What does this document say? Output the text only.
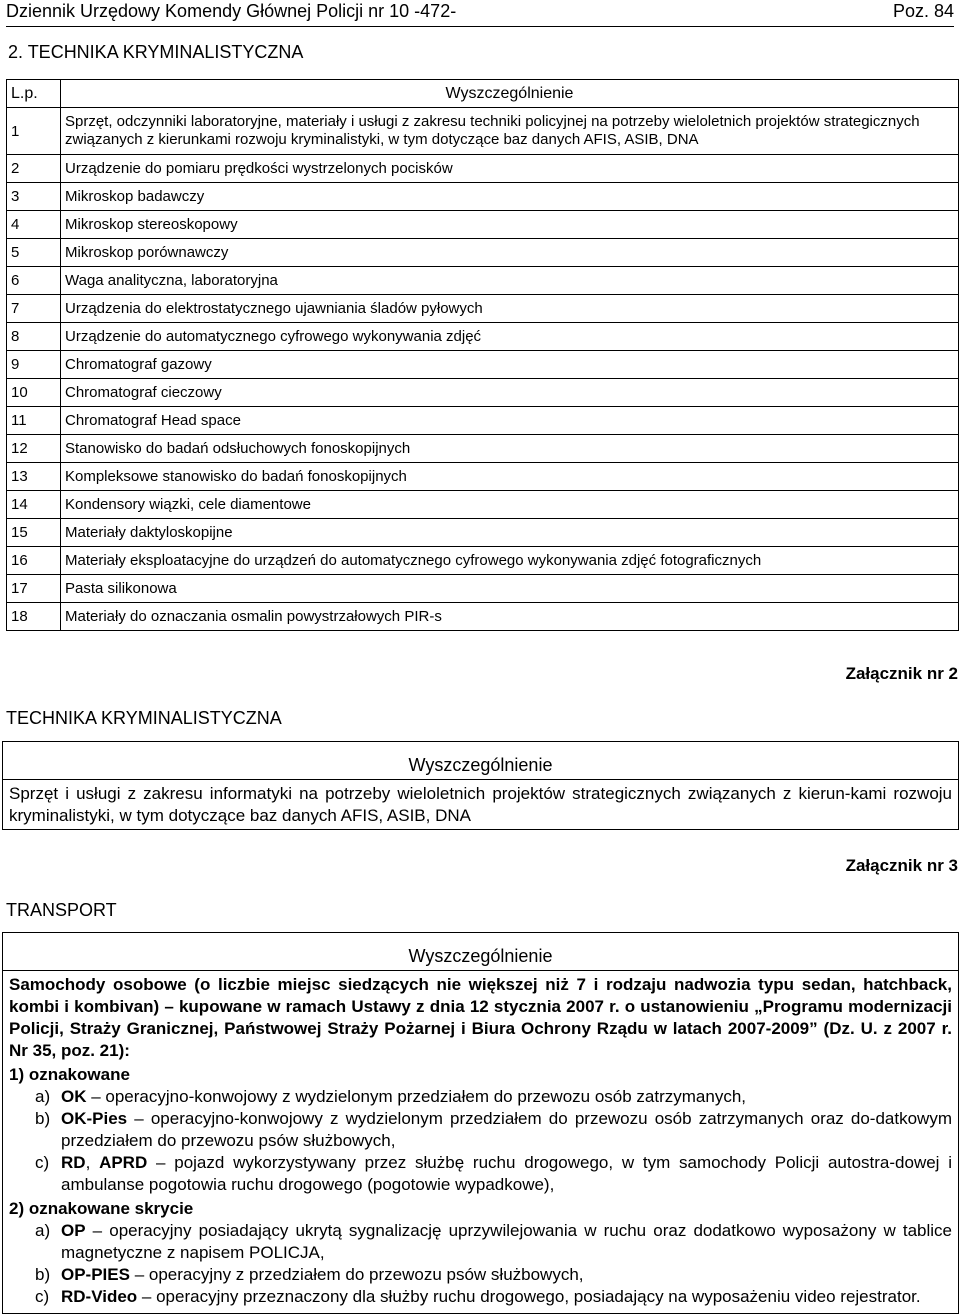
Dziennik Urzędowy Komendy Głównej Policji nr 10 -472-	Poz. 84
2. TECHNIKA KRYMINALISTYCZNA
L.p.	Wyszczególnienie
1	Sprzęt, odczynniki laboratoryjne, materiały i usługi z zakresu techniki policyjnej na potrzeby wieloletnich projektów strategicznych związanych z kierunkami rozwoju kryminalistyki, w tym dotyczące baz danych AFIS, ASIB, DNA
2	Urządzenie do pomiaru prędkości wystrzelonych pocisków
3	Mikroskop badawczy
4	Mikroskop stereoskopowy
5	Mikroskop porównawczy
6	Waga analityczna, laboratoryjna
7	Urządzenia do elektrostatycznego ujawniania śladów pyłowych
8	Urządzenie do automatycznego cyfrowego wykonywania zdjęć
9	Chromatograf gazowy
10	Chromatograf cieczowy
11	Chromatograf Head space
12	Stanowisko do badań odsłuchowych fonoskopijnych
13	Kompleksowe stanowisko do badań fonoskopijnych
14	Kondensory wiązki, cele diamentowe
15	Materiały daktyloskopijne
16	Materiały eksploatacyjne do urządzeń do automatycznego cyfrowego wykonywania zdjęć fotograficznych
17	Pasta silikonowa
18	Materiały do oznaczania osmalin powystrzałowych PIR-s
Załącznik nr 2
TECHNIKA KRYMINALISTYCZNA
Wyszczególnienie
Sprzęt i usługi z zakresu informatyki na potrzeby wieloletnich projektów strategicznych związanych z kierun-kami rozwoju kryminalistyki, w tym dotyczące baz danych AFIS, ASIB, DNA
Załącznik nr 3
TRANSPORT
Wyszczególnienie
Samochody osobowe (o liczbie miejsc siedzących nie większej niż 7 i rodzaju nadwozia typu sedan, hatchback, kombi i kombivan) – kupowane w ramach Ustawy z dnia 12 stycznia 2007 r. o ustanowieniu „Programu modernizacji Policji, Straży Granicznej, Państwowej Straży Pożarnej i Biura Ochrony Rządu w latach 2007-2009” (Dz. U. z 2007 r. Nr 35, poz. 21):
1) oznakowane
a) OK – operacyjno-konwojowy z wydzielonym przedziałem do przewozu osób zatrzymanych,
b) OK-Pies – operacyjno-konwojowy z wydzielonym przedziałem do przewozu osób zatrzymanych oraz do-datkowym przedziałem do przewozu psów służbowych,
c) RD, APRD – pojazd wykorzystywany przez służbę ruchu drogowego, w tym samochody Policji autostra-dowej i ambulanse pogotowia ruchu drogowego (pogotowie wypadkowe),
2) oznakowane skrycie
a) OP – operacyjny posiadający ukrytą sygnalizację uprzywilejowania w ruchu oraz dodatkowo wyposażony w tablice magnetyczne z napisem POLICJA,
b) OP-PIES – operacyjny z przedziałem do przewozu psów służbowych,
c) RD-Video – operacyjny przeznaczony dla służby ruchu drogowego, posiadający na wyposażeniu video rejestrator.
